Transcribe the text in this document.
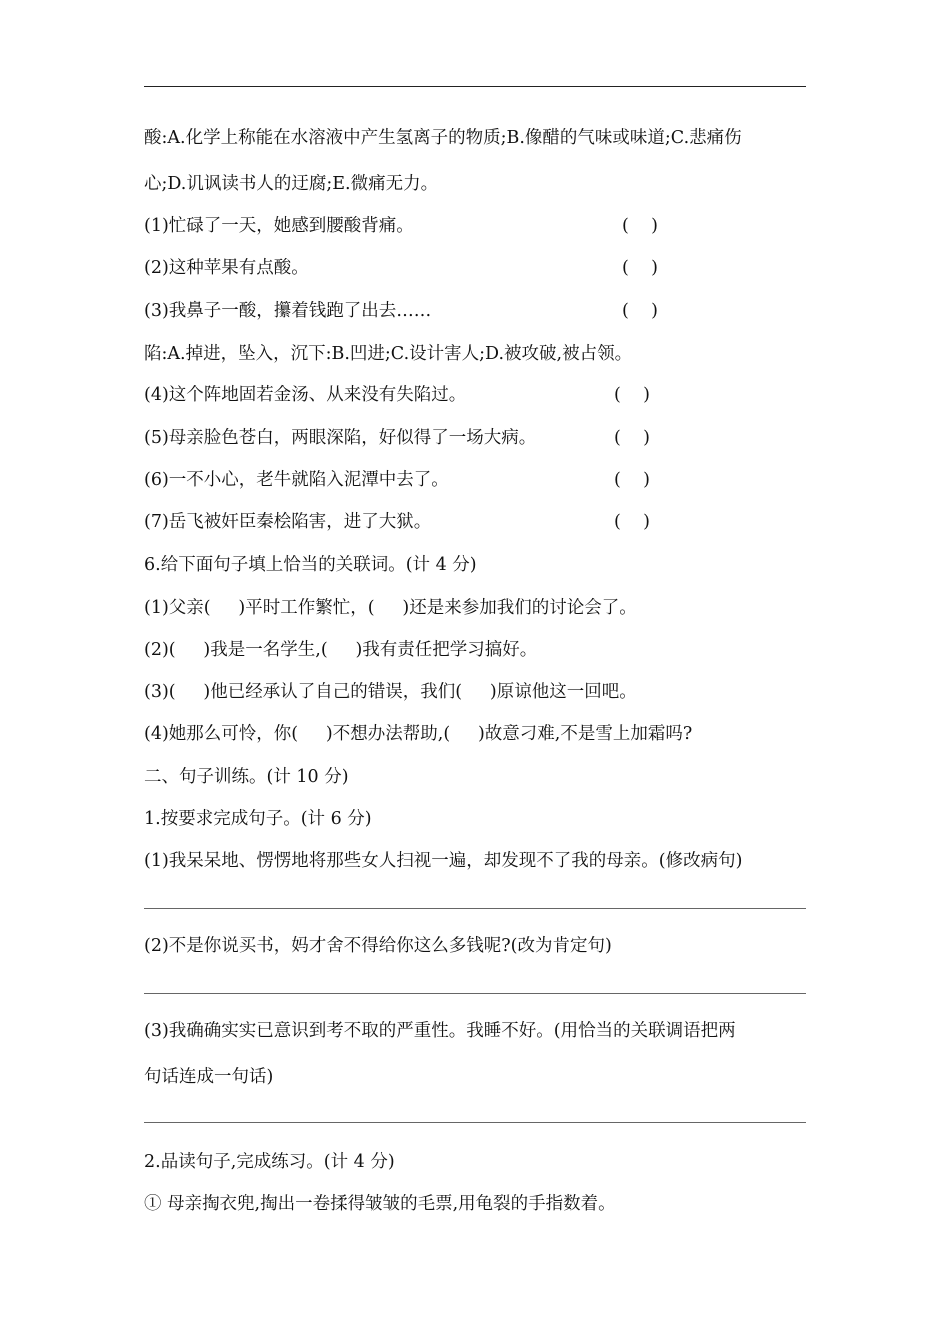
酸:A.化学上称能在水溶液中产生氢离子的物质;B.像醋的气味或味道;C.悲痛伤
心;D.讥讽读书人的迂腐;E.微痛无力。
(1)忙碌了一天，她感到腰酸背痛。	(    )
(2)这种苹果有点酸。	(    )
(3)我鼻子一酸，攥着钱跑了出去……	(    )
陷:A.掉进，坠入，沉下:B.凹进;C.设计害人;D.被攻破,被占领。
(4)这个阵地固若金汤、从来没有失陷过。	(    )
(5)母亲脸色苍白，两眼深陷，好似得了一场大病。	(    )
(6)一不小心，老牛就陷入泥潭中去了。	(    )
(7)岳飞被奸臣秦桧陷害，进了大狱。	(    )
6.给下面句子填上恰当的关联词。(计 4 分)
(1)父亲(     )平时工作繁忙，(     )还是来参加我们的讨论会了。
(2)(     )我是一名学生,(     )我有责任把学习搞好。
(3)(     )他已经承认了自己的错误，我们(     )原谅他这一回吧。
(4)她那么可怜，你(     )不想办法帮助,(     )故意刁难,不是雪上加霜吗?
二、句子训练。(计 10 分)
1.按要求完成句子。(计 6 分)
(1)我呆呆地、愣愣地将那些女人扫视一遍，却发现不了我的母亲。(修改病句)
(2)不是你说买书，妈才舍不得给你这么多钱呢?(改为肯定句)
(3)我确确实实已意识到考不取的严重性。我睡不好。(用恰当的关联调语把两
句话连成一句话)
2.品读句子,完成练习。(计 4 分)
① 母亲掏衣兜,掏出一卷揉得皱皱的毛票,用龟裂的手指数着。
